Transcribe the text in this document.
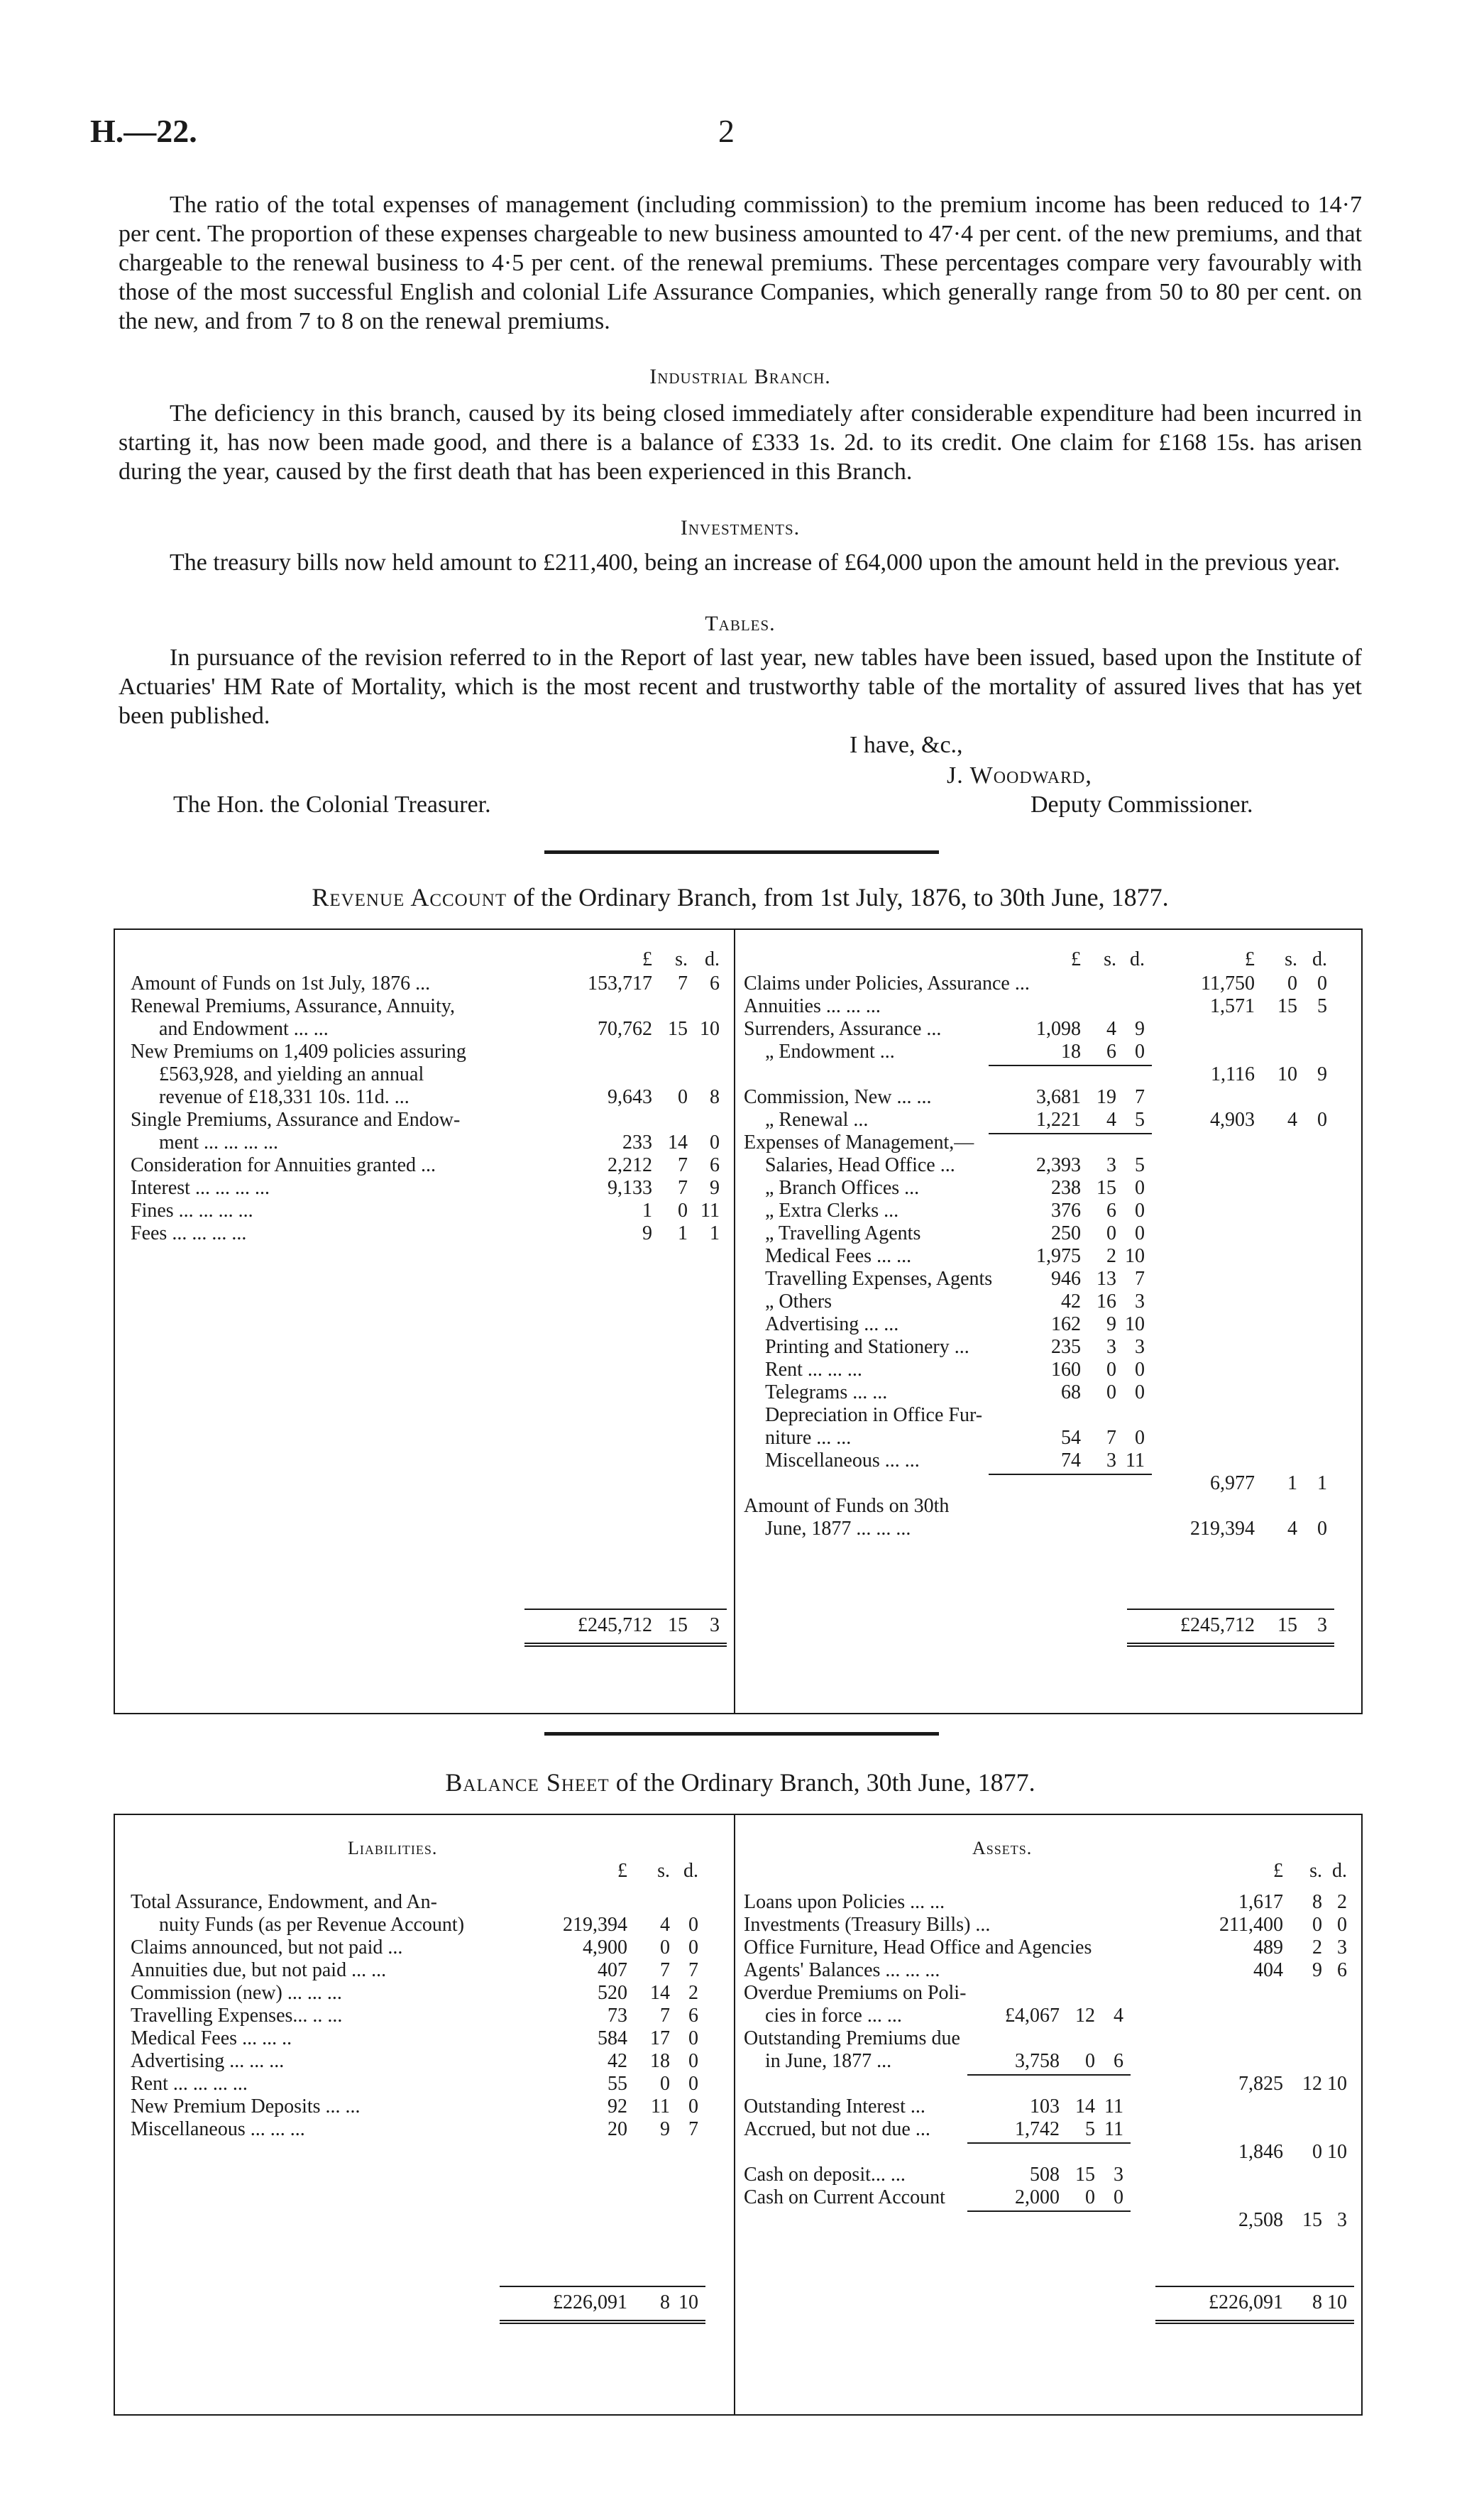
H.—22.	2

The ratio of the total expenses of management (including commission) to the premium income has been reduced to 14·7 per cent. The proportion of these expenses chargeable to new business amounted to 47·4 per cent. of the new premiums, and that chargeable to the renewal business to 4·5 per cent. of the renewal premiums. These percentages compare very favourably with those of the most successful English and colonial Life Assurance Companies, which generally range from 50 to 80 per cent. on the new, and from 7 to 8 on the renewal premiums.

Industrial Branch.

The deficiency in this branch, caused by its being closed immediately after considerable expenditure had been incurred in starting it, has now been made good, and there is a balance of £333 1s. 2d. to its credit. One claim for £168 15s. has arisen during the year, caused by the first death that has been experienced in this Branch.

Investments.

The treasury bills now held amount to £211,400, being an increase of £64,000 upon the amount held in the previous year.

Tables.

In pursuance of the revision referred to in the Report of last year, new tables have been issued, based upon the Institute of Actuaries' HM Rate of Mortality, which is the most recent and trustworthy table of the mortality of assured lives that has yet been published.

I have, &c.,
J. Woodward,
The Hon. the Colonial Treasurer.	Deputy Commissioner.
Revenue Account of the Ordinary Branch, from 1st July, 1876, to 30th June, 1877.
£	s. d.
Amount of Funds on 1st July, 1876 ...	153,717	7	6
Renewal Premiums, Assurance, Annuity,
and Endowment ... ...	70,762 15 10
New Premiums on 1,409 policies assuring
£563,928, and yielding an annual
revenue of £18,331 10s. 11d. ...	9,643	0	8
Single Premiums, Assurance and Endow-
ment ... ... ... ...	233 14	0
Consideration for Annuities granted ...	2,212	7	6
Interest ... ... ... ...	9,133	7	9
Fines ... ... ... ...	1	0 11
Fees ... ... ... ...	9	1	1
£245,712 15	3
£	s. d.	£	s. d.
Claims under Policies, Assurance ...	11,750	0	0
Annuities ... ... ...	1,571	15	5
Surrenders, Assurance ...	1,098	4 9
„ Endowment ...	18	6 0
1,116	10	9
Commission, New ... ...	3,681 19 7
„ Renewal ...	1,221	4 5	4,903	4	0
Expenses of Management,—
Salaries, Head Office ...	2,393	3 5
„ Branch Offices ...	238 15 0
„ Extra Clerks ...	376	6 0
„ Travelling Agents	250	0 0
Medical Fees ... ...	1,975	2 10
Travelling Expenses, Agents	946 13 7
„ Others	42 16 3
Advertising ... ...	162	9 10
Printing and Stationery ...	235	3 3
Rent ... ... ...	160	0 0
Telegrams ... ...	68	0 0
Depreciation in Office Fur-
niture ... ...	54	7 0
Miscellaneous ... ...	74	3 11
6,977	1	1
Amount of Funds on 30th
June, 1877 ... ... ...	219,394	4	0
£245,712	15	3
Balance Sheet of the Ordinary Branch, 30th June, 1877.
Liabilities.	Assets.
£	s. d.
Total Assurance, Endowment, and An-
nuity Funds (as per Revenue Account)	219,394	4 0
Claims announced, but not paid ...	4,900	0 0
Annuities due, but not paid ... ...	407	7 7
Commission (new) ... ... ...	520	14 2
Travelling Expenses... .. ...	73	7 6
Medical Fees ... ... ..	584	17 0
Advertising ... ... ...	42	18 0
Rent ... ... ... ...	55	0 0
New Premium Deposits ... ...	92	11 0
Miscellaneous ... ... ...	20	9 7
£226,091	8 10
£	s. d.
Loans upon Policies ... ...	1,617	8 2
Investments (Treasury Bills) ...	211,400	0 0
Office Furniture, Head Office and Agencies	489	2 3
Agents' Balances ... ... ...	404	9 6
Overdue Premiums on Poli-
cies in force ... ...	£4,067 12 4
Outstanding Premiums due
in June, 1877 ...	3,758	0 6
7,825 12 10
Outstanding Interest ...	103 14 11
Accrued, but not due ...	1,742	5 11
1,846	0 10
Cash on deposit... ...	508 15 3
Cash on Current Account	2,000	0 0
2,508 15 3
£226,091	8 10
